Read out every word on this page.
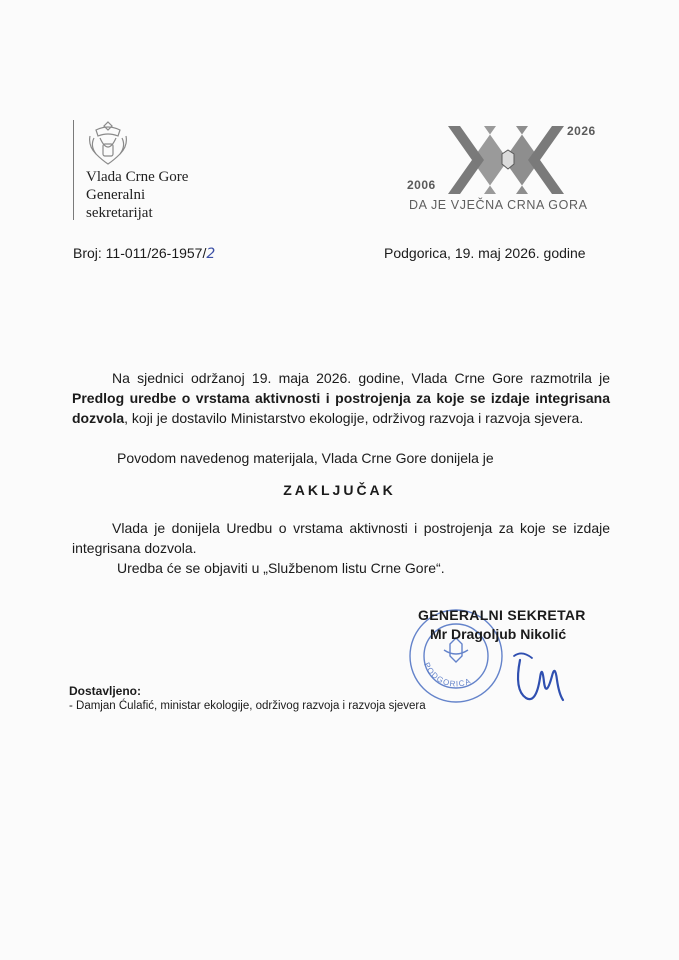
Vlada Crne Gore
Generalni
sekretarijat
2026
2006
DA JE VJEČNA CRNA GORA
Broj: 11-011/26-1957/2	Podgorica, 19. maj 2026. godine
Na sjednici održanoj 19. maja 2026. godine, Vlada Crne Gore razmotrila je Predlog uredbe o vrstama aktivnosti i postrojenja za koje se izdaje integrisana dozvola, koji je dostavilo Ministarstvo ekologije, održivog razvoja i razvoja sjevera.
Povodom navedenog materijala, Vlada Crne Gore donijela je
ZAKLJUČAK
Vlada je donijela Uredbu o vrstama aktivnosti i postrojenja za koje se izdaje integrisana dozvola.
Uredba će se objaviti u „Službenom listu Crne Gore“.
PODGORICA
GENERALNI SEKRETAR
Mr Dragoljub Nikolić
Dostavljeno:
- Damjan Ćulafić, ministar ekologije, održivog razvoja i razvoja sjevera
